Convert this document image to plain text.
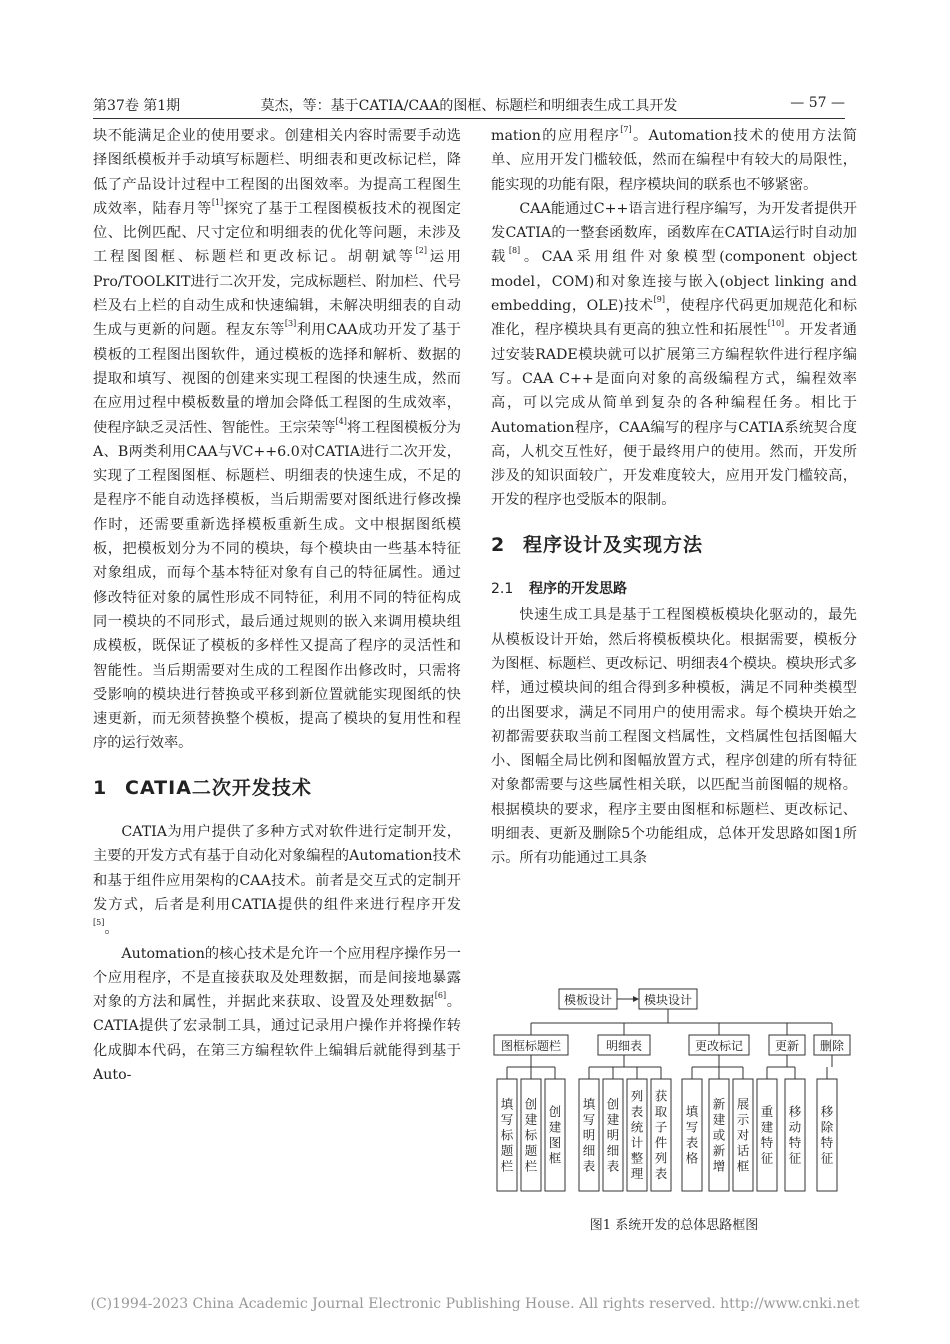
第37卷 第1期	莫杰，等：基于CATIA/CAA的图框、标题栏和明细表生成工具开发	— 57 —

块不能满足企业的使用要求。创建相关内容时需要手动选择图纸模板并手动填写标题栏、明细表和更改标记栏，降低了产品设计过程中工程图的出图效率。为提高工程图生成效率，陆春月等[1]探究了基于工程图模板技术的视图定位、比例匹配、尺寸定位和明细表的优化等问题，未涉及工程图图框、标题栏和更改标记。胡朝斌等[2]运用Pro/TOOLKIT进行二次开发，完成标题栏、附加栏、代号栏及右上栏的自动生成和快速编辑，未解决明细表的自动生成与更新的问题。程友东等[3]利用CAA成功开发了基于模板的工程图出图软件，通过模板的选择和解析、数据的提取和填写、视图的创建来实现工程图的快速生成，然而在应用过程中模板数量的增加会降低工程图的生成效率，使程序缺乏灵活性、智能性。王宗荣等[4]将工程图模板分为A、B两类利用CAA与VC++6.0对CATIA进行二次开发，实现了工程图图框、标题栏、明细表的快速生成，不足的是程序不能自动选择模板，当后期需要对图纸进行修改操作时，还需要重新选择模板重新生成。文中根据图纸模板，把模板划分为不同的模块，每个模块由一些基本特征对象组成，而每个基本特征对象有自己的特征属性。通过修改特征对象的属性形成不同特征，利用不同的特征构成同一模块的不同形式，最后通过规则的嵌入来调用模块组成模板，既保证了模板的多样性又提高了程序的灵活性和智能性。当后期需要对生成的工程图作出修改时，只需将受影响的模块进行替换或平移到新位置就能实现图纸的快速更新，而无须替换整个模板，提高了模块的复用性和程序的运行效率。

1 CATIA二次开发技术

CATIA为用户提供了多种方式对软件进行定制开发，主要的开发方式有基于自动化对象编程的Automation技术和基于组件应用架构的CAA技术。前者是交互式的定制开发方式，后者是利用CATIA提供的组件来进行程序开发[5]。

Automation的核心技术是允许一个应用程序操作另一个应用程序，不是直接获取及处理数据，而是间接地暴露对象的方法和属性，并据此来获取、设置及处理数据[6]。CATIA提供了宏录制工具，通过记录用户操作并将操作转化成脚本代码，在第三方编程软件上编辑后就能得到基于Auto-

mation的应用程序[7]。Automation技术的使用方法简单、应用开发门槛较低，然而在编程中有较大的局限性，能实现的功能有限，程序模块间的联系也不够紧密。

CAA能通过C++语言进行程序编写，为开发者提供开发CATIA的一整套函数库，函数库在CATIA运行时自动加载[8]。CAA采用组件对象模型(component object model，COM)和对象连接与嵌入(object linking and embedding，OLE)技术[9]，使程序代码更加规范化和标准化，程序模块具有更高的独立性和拓展性[10]。开发者通过安装RADE模块就可以扩展第三方编程软件进行程序编写。CAA C++是面向对象的高级编程方式，编程效率高，可以完成从简单到复杂的各种编程任务。相比于Automation程序，CAA编写的程序与CATIA系统契合度高，人机交互性好，便于最终用户的使用。然而，开发所涉及的知识面较广，开发难度较大，应用开发门槛较高，开发的程序也受版本的限制。

2 程序设计及实现方法
2.1 程序的开发思路

快速生成工具是基于工程图模板模块化驱动的，最先从模板设计开始，然后将模板模块化。根据需要，模板分为图框、标题栏、更改标记、明细表4个模块。模块形式多样，通过模块间的组合得到多种模板，满足不同种类模型的出图要求，满足不同用户的使用需求。每个模块开始之初都需要获取当前工程图文档属性，文档属性包括图幅大小、图幅全局比例和图幅放置方式，程序创建的所有特征对象都需要与这些属性相关联，以匹配当前图幅的规格。根据模块的要求，程序主要由图框和标题栏、更改标记、明细表、更新及删除5个功能组成，总体开发思路如图1所示。所有功能通过工具条

模板设计	模块设计
图框标题栏
填写标题栏
创建标题栏
创建图框
明细表
填写明细表
创建明细表
列表统计整理
获取子件列表
更改标记
填写表格
新建或新增
展示对话框
更新
重建特征
移动特征
删除
移除特征
图1 系统开发的总体思路框图
(C)1994-2023 China Academic Journal Electronic Publishing House. All rights reserved. http://www.cnki.net
